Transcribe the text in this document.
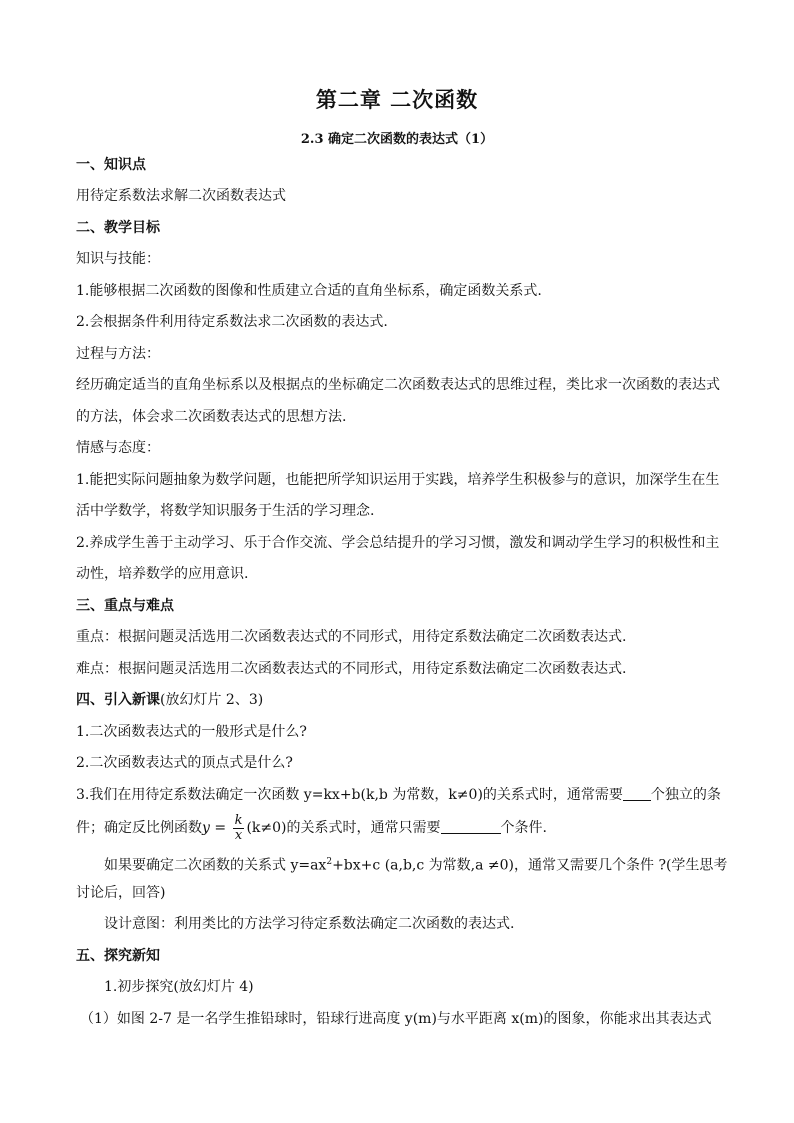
第二章 二次函数
2.3 确定二次函数的表达式（1）
一、知识点
用待定系数法求解二次函数表达式
二、教学目标
知识与技能：
1.能够根据二次函数的图像和性质建立合适的直角坐标系，确定函数关系式.
2.会根据条件利用待定系数法求二次函数的表达式.
过程与方法：
经历确定适当的直角坐标系以及根据点的坐标确定二次函数表达式的思维过程，类比求一次函数的表达式
的方法，体会求二次函数表达式的思想方法.
情感与态度：
1.能把实际问题抽象为数学问题，也能把所学知识运用于实践，培养学生积极参与的意识，加深学生在生
活中学数学，将数学知识服务于生活的学习理念.
2.养成学生善于主动学习、乐于合作交流、学会总结提升的学习习惯，激发和调动学生学习的积极性和主
动性，培养数学的应用意识.
三、重点与难点
重点：根据问题灵活选用二次函数表达式的不同形式，用待定系数法确定二次函数表达式.
难点：根据问题灵活选用二次函数表达式的不同形式，用待定系数法确定二次函数表达式.
四、引入新课(放幻灯片 2、3)
1.二次函数表达式的一般形式是什么?
2.二次函数表达式的顶点式是什么?
3.我们在用待定系数法确定一次函数 y=kx+b(k,b 为常数，k≠0)的关系式时，通常需要 个独立的条
件；确定反比例函数$y = \frac{k}{x} (k\ne 0)$的关系式时，通常只需要	个条件.
如果要确定二次函数的关系式 $y=ax^2+bx+c$ (a,b,c 为常数,a ≠0)，通常又需要几个条件 ?(学生思考
讨论后，回答)
设计意图：利用类比的方法学习待定系数法确定二次函数的表达式.
五、探究新知
1.初步探究(放幻灯片 4)
（1）如图 2-7 是一名学生推铅球时，铅球行进高度 y(m)与水平距离 x(m)的图象，你能求出其表达式
